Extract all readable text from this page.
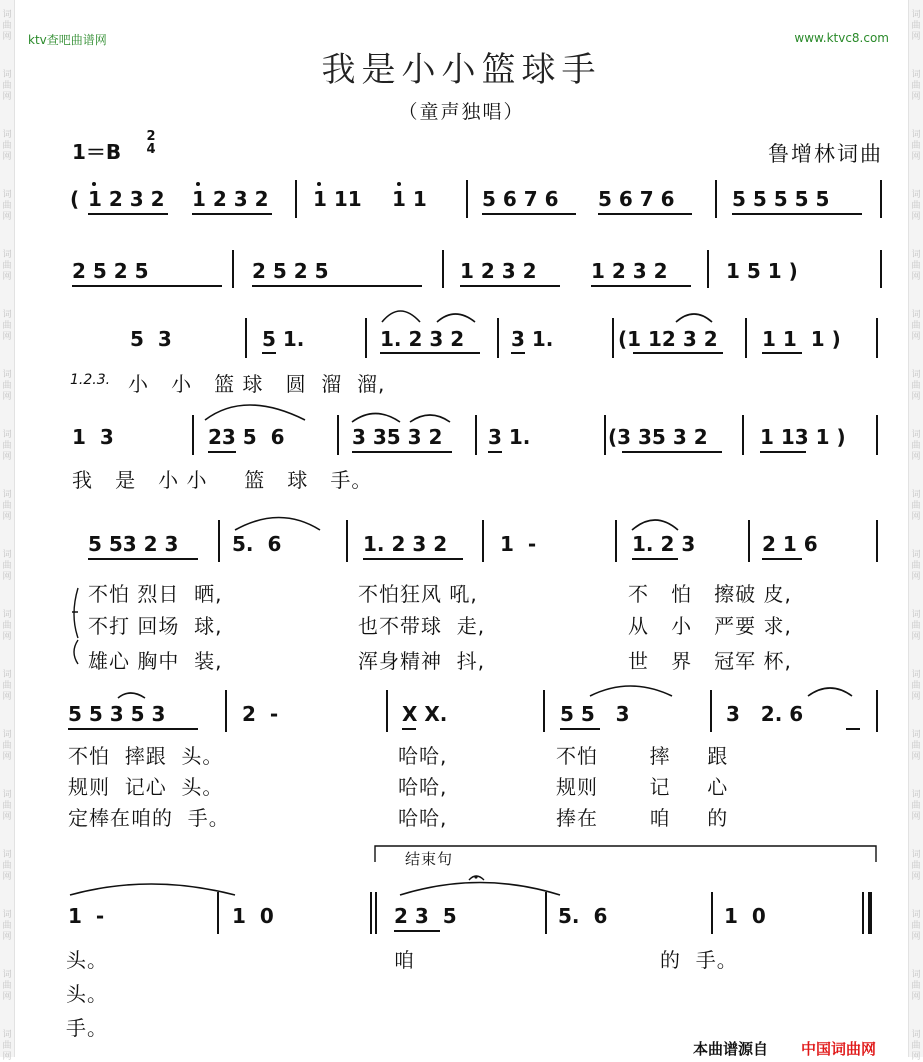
词
曲
网
词
曲
网
词
曲
网
词
曲
网
词
曲
网
词
曲
网
词
曲
网
词
曲
网
词
曲
网
词
曲
网
词
曲
网
词
曲
网
词
曲
网
词
曲
网
词
曲
网
词
曲
网
词
曲
网
词
曲
网
词
曲
网
词
曲
网
词
曲
网
词
曲
网
词
曲
网
词
曲
网
词
曲
网
词
曲
网
词
曲
网
词
曲
网
词
曲
网
词
曲
网
词
曲
网
词
曲
网
词
曲
网
词
曲
网
词
曲
网
词
曲
网
ktv查吧曲谱网	www.ktvc8.com
我是小小篮球手
（童声独唱）
1＝B
2
4	鲁增林词曲
( 1 2 3 2 1 2 3 2 1 11 1 1	5 6 7 6 5 6 7 6	5 5 5 5 5
2 5 2 5	2 5 2 5	1 2 3 2	1 2 3 2	1 5 1 )
5  3	5 1.	1. 2 3 2 3 1.	(1 12 3 2 1 1  1 )
1.2.3. 小   小   篮 球   圆  溜  溜,
1  3	23 5  6	3 35 3 2 3 1.	(3 35 3 2	1 13 1 )
我   是   小 小     篮   球   手。
5 53 2 3	5.  6	1. 2 3 2	1  -	1. 2 3	2 1 6
不怕 烈日  晒,	不怕狂风 吼,	不   怕   擦破 皮,
不打 回场  球,	也不带球  走,	从   小   严要 求,
雄心 胸中  装,	浑身精神  抖,	世   界   冠军 杯,
5 5 3 5 3	2  -	X X.	5 5   3	3   2. 6
不怕  摔跟  头。	哈哈,	不怕       摔     跟
规则  记心  头。	哈哈,	规则       记     心
定棒在咱的  手。	哈哈,	捧在       咱     的
结束句
1  -	1  0	2 3  5	5.  6	1  0
头。	咱	的  手。
头。
手。
本曲谱源自 中国词曲网
